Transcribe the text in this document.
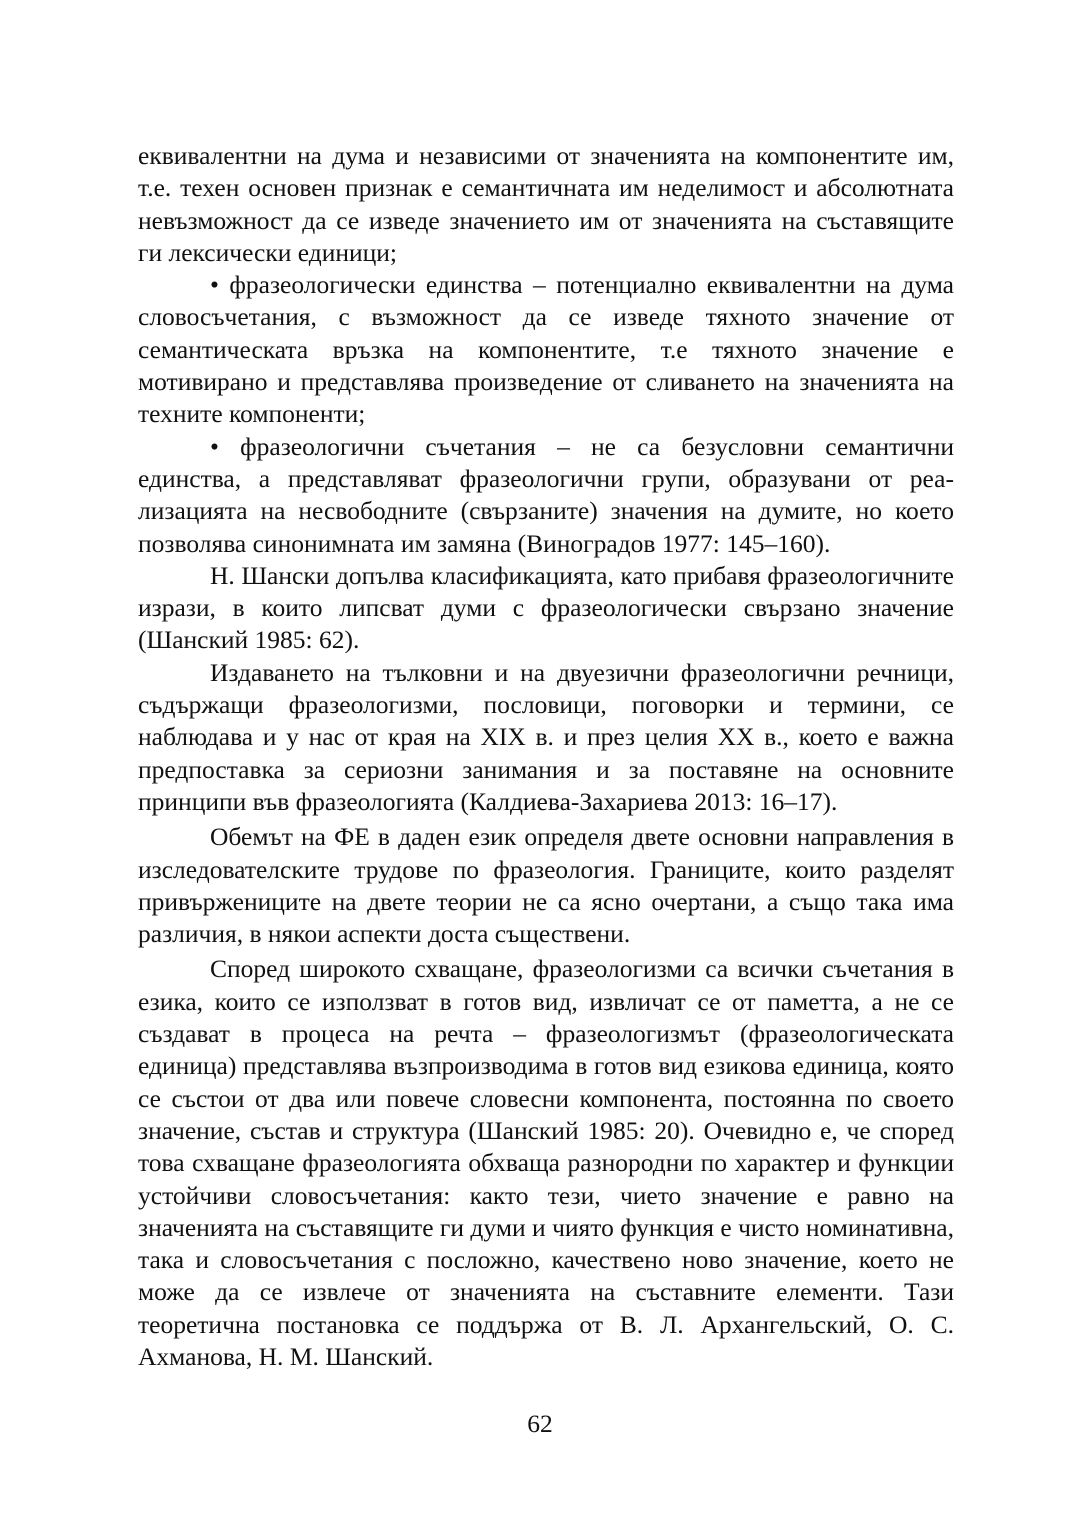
еквивалентни на дума и независими от значенията на компонентите им, т.е. техен основен признак е семантичната им неделимост и абсолютната невъзможност да се изведе значението им от значенията на съставящите ги лексически единици;

• фразеологически единства – потенциално еквивалентни на дума словосъчетания, с възможност да се изведе тяхното значение от семантическата връзка на компонентите, т.е тяхното значение е мотивирано и представлява произведение от сливането на значенията на техните компоненти;

• фразеологични съчетания – не са безусловни семантични единства, а представляват фразеологични групи, образувани от реализацията на несвободните (свързаните) значения на думите, но което позволява синонимната им замяна (Виноградов 1977: 145–160).

Н. Шански допълва класификацията, като прибавя фразеологичните изрази, в които липсват думи с фразеологически свързано значение (Шанский 1985: 62).

Издаването на тълковни и на двуезични фразеологични речници, съдържащи фразеологизми, пословици, поговорки и термини, се наблюдава и у нас от края на XIX в. и през целия XX в., което е важна предпоставка за сериозни занимания и за поставяне на основните принципи във фразеологията (Калдиева-Захариева 2013: 16–17).

Обемът на ФЕ в даден език определя двете основни направления в изследователските трудове по фразеология. Границите, които разделят привържениците на двете теории не са ясно очертани, а също така има различия, в някои аспекти доста съществени.

Според широкото схващане, фразеологизми са всички съчетания в езика, които се използват в готов вид, извличат се от паметта, а не се създават в процеса на речта – фразеологизмът (фразеологическата единица) представлява възпроизводима в готов вид езикова единица, която се състои от два или повече словесни компонента, постоянна по своето значение, състав и структура (Шанский 1985: 20). Очевидно е, че според това схващане фразеологията обхваща разнородни по характер и функции устойчиви словосъчетания: както тези, чието значение е равно на значенията на съставящите ги думи и чиято функция е чисто номинативна, така и словосъчетания с посложно, качествено ново значение, което не може да се извлече от значенията на съставните елементи. Тази теоретична постановка се поддържа от В. Л. Архангельский, О. С. Ахманова, Н. М. Шанский.

62
